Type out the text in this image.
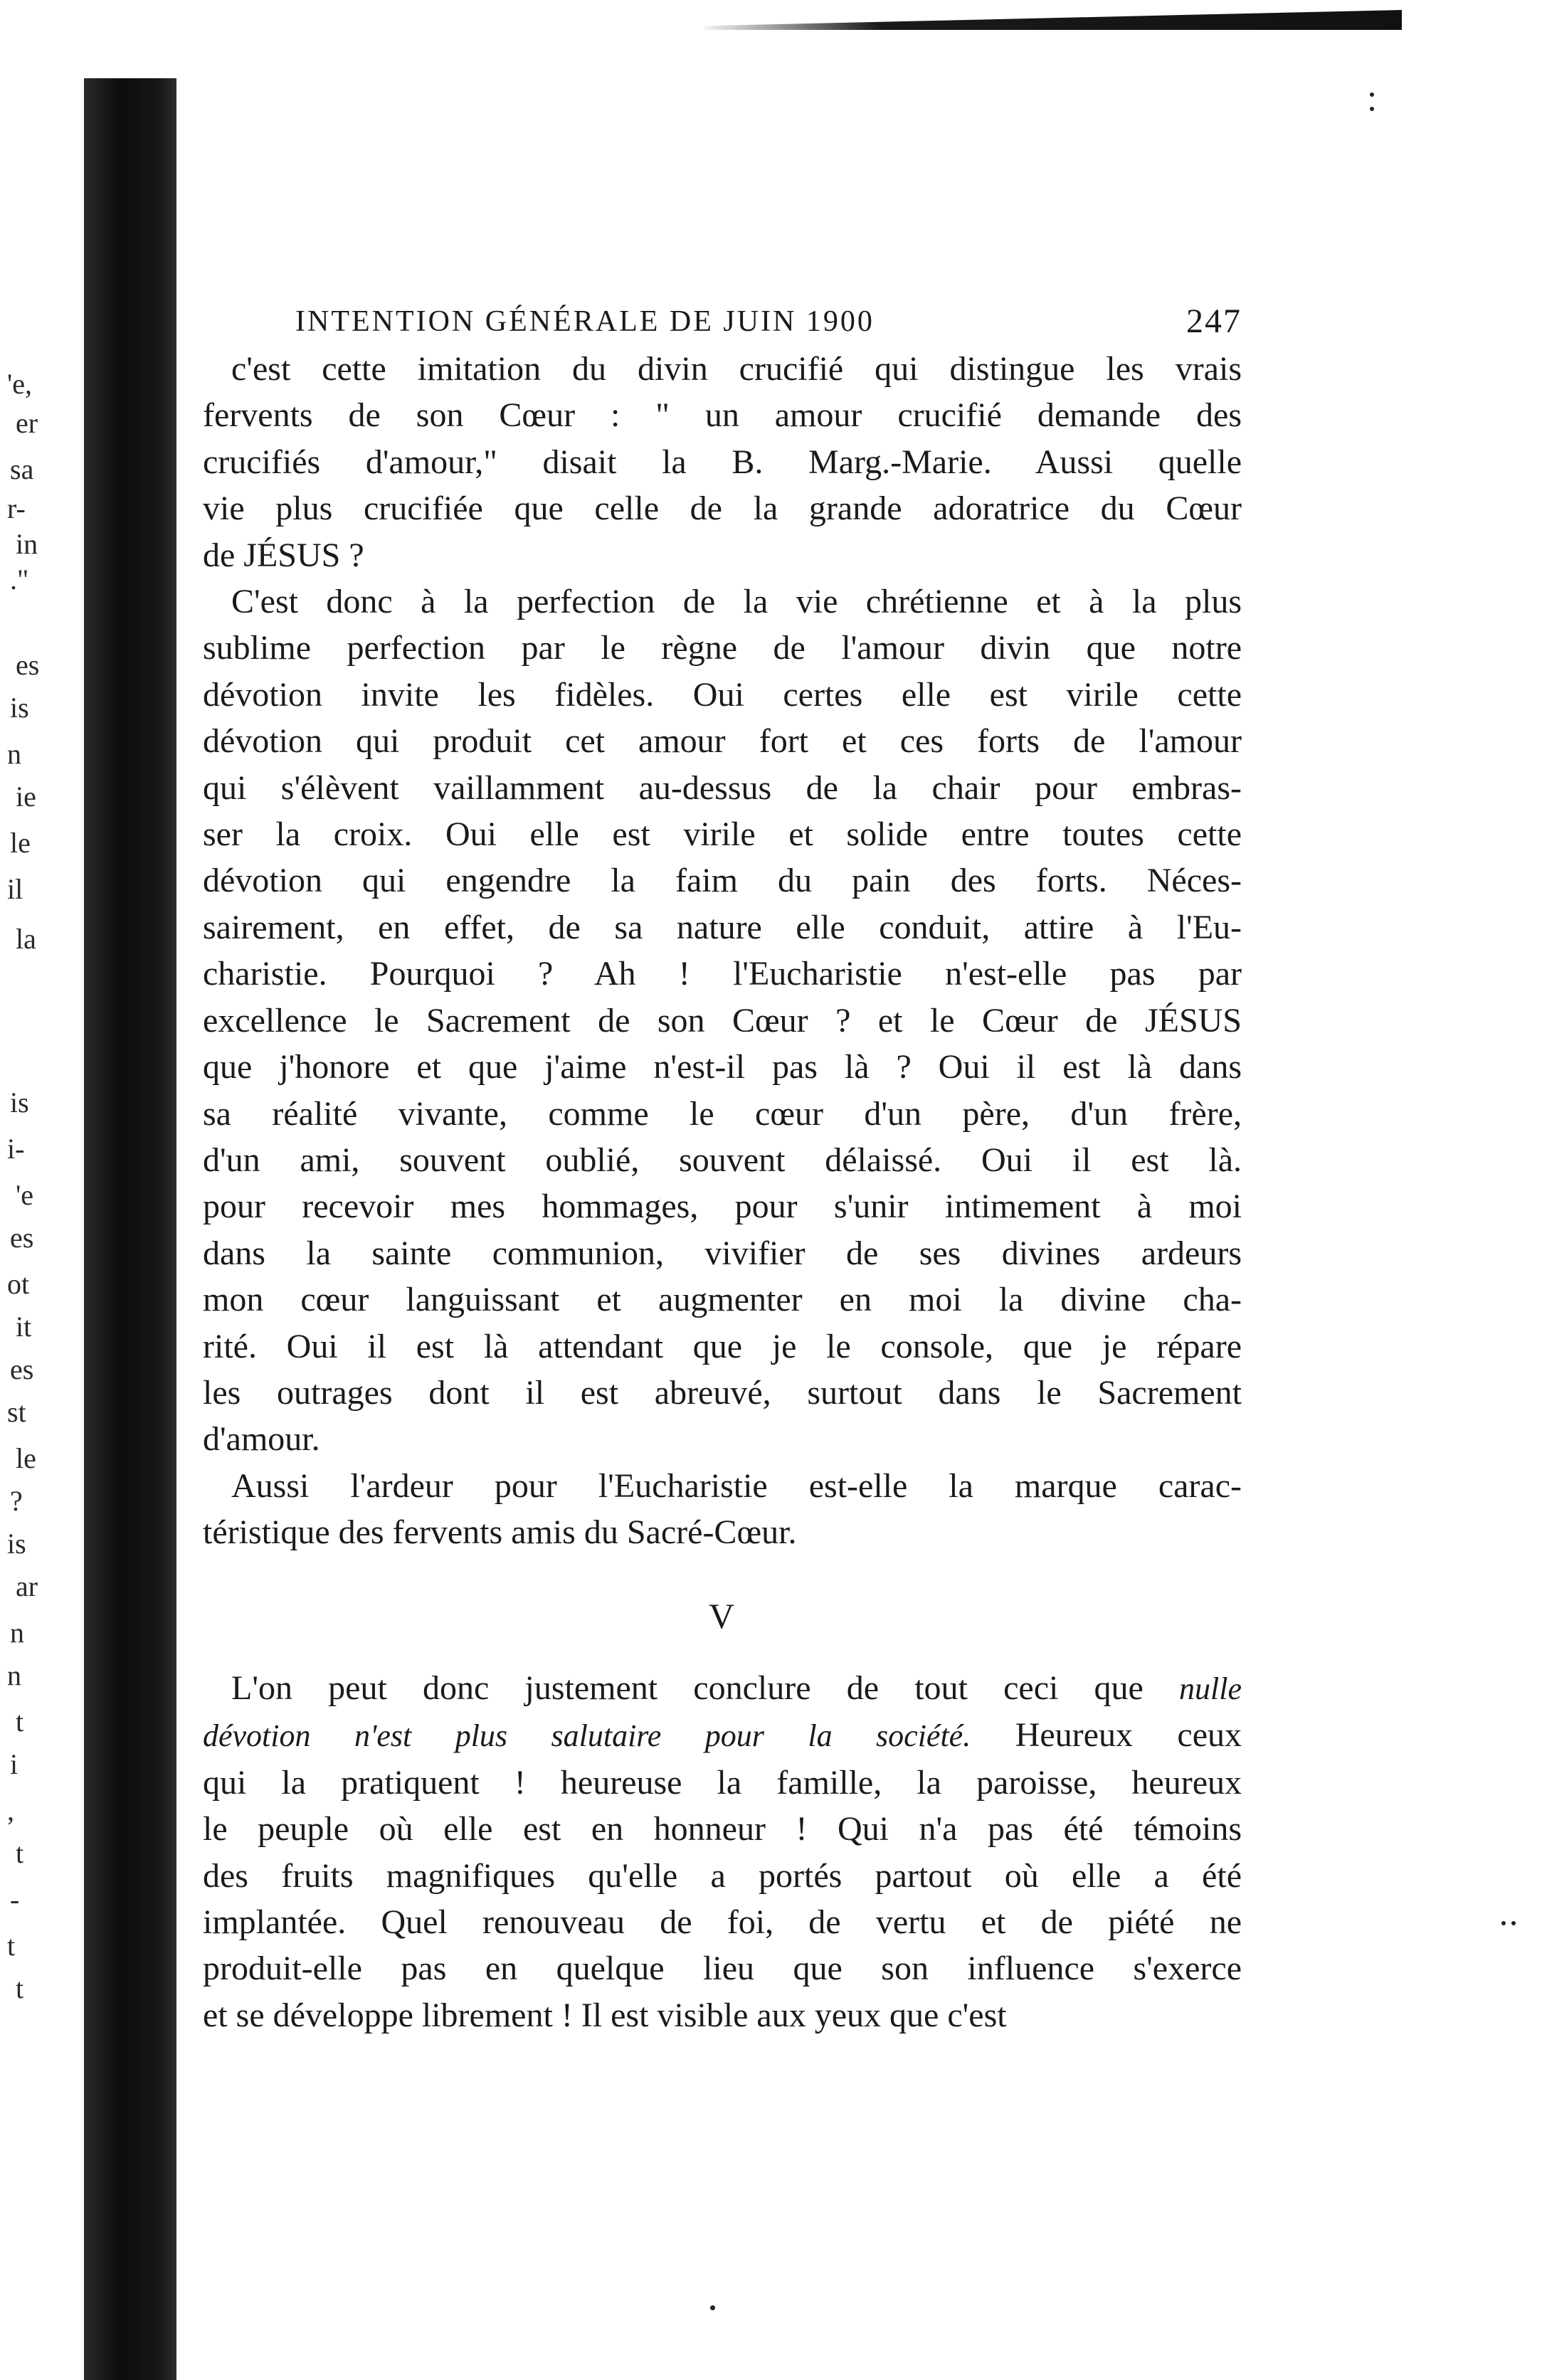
'e,
er
sa
r-
in
."
es
is
n
ie
le
il
la
is
i-
'e
es
ot
it
es
st
le
?
is
ar
n
n
t
i
,
t
-
t
t
INTENTION GÉNÉRALE DE JUIN 1900	247

c'est cette imitation du divin crucifié qui distingue les vrais
fervents de son Cœur : " un amour crucifié demande des
crucifiés d'amour," disait la B. Marg.-Marie. Aussi quelle
vie plus crucifiée que celle de la grande adoratrice du Cœur
de JÉSUS ?

C'est donc à la perfection de la vie chrétienne et à la plus
sublime perfection par le règne de l'amour divin que notre
dévotion invite les fidèles. Oui certes elle est virile cette
dévotion qui produit cet amour fort et ces forts de l'amour
qui s'élèvent vaillamment au-dessus de la chair pour embras-
ser la croix. Oui elle est virile et solide entre toutes cette
dévotion qui engendre la faim du pain des forts. Néces-
sairement, en effet, de sa nature elle conduit, attire à l'Eu-
charistie. Pourquoi ? Ah ! l'Eucharistie n'est-elle pas par
excellence le Sacrement de son Cœur ? et le Cœur de JÉSUS
que j'honore et que j'aime n'est-il pas là ? Oui il est là dans
sa réalité vivante, comme le cœur d'un père, d'un frère,
d'un ami, souvent oublié, souvent délaissé. Oui il est là.
pour recevoir mes hommages, pour s'unir intimement à moi
dans la sainte communion, vivifier de ses divines ardeurs
mon cœur languissant et augmenter en moi la divine cha-
rité. Oui il est là attendant que je le console, que je répare
les outrages dont il est abreuvé, surtout dans le Sacrement
d'amour.

Aussi l'ardeur pour l'Eucharistie est-elle la marque carac-
téristique des fervents amis du Sacré-Cœur.

V

L'on peut donc justement conclure de tout ceci que nulle
dévotion n'est plus salutaire pour la société. Heureux ceux

qui la pratiquent ! heureuse la famille, la paroisse, heureux
le peuple où elle est en honneur ! Qui n'a pas été témoins
des fruits magnifiques qu'elle a portés partout où elle a été
implantée. Quel renouveau de foi, de vertu et de piété ne
produit-elle pas en quelque lieu que son influence s'exerce
et se développe librement ! Il est visible aux yeux que c'est
